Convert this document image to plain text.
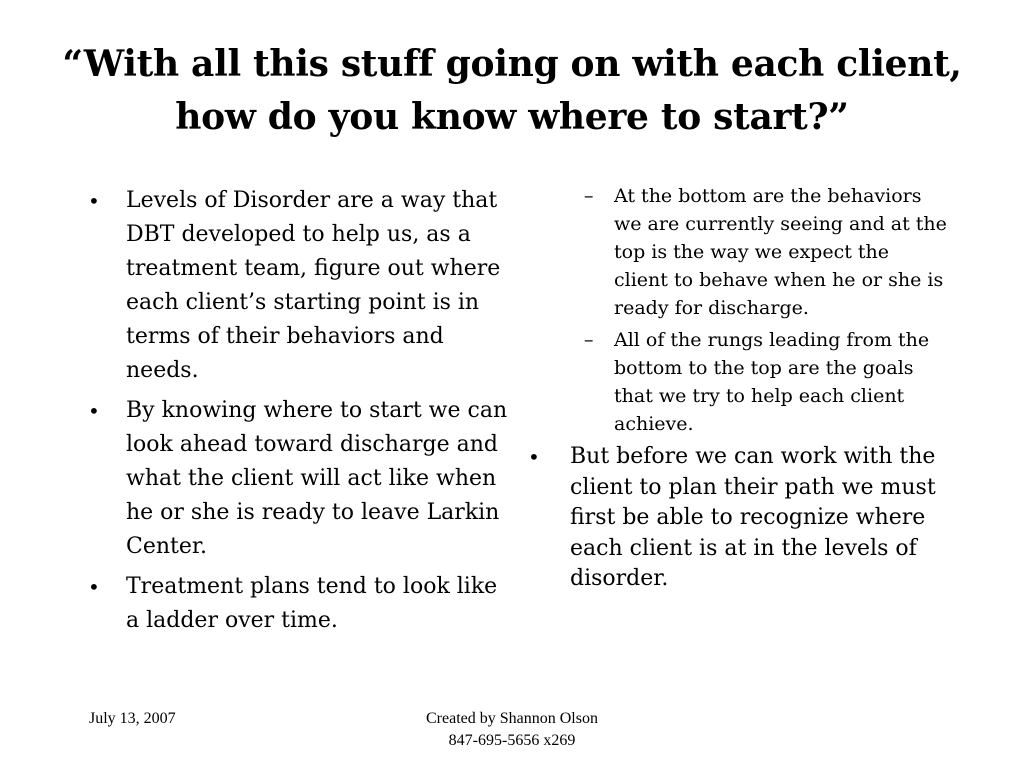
“With all this stuff going on with each client, how do you know where to start?”
• Levels of Disorder are a way that DBT developed to help us, as a treatment team, figure out where each client’s starting point is in terms of their behaviors and needs.
• By knowing where to start we can look ahead toward discharge and what the client will act like when he or she is ready to leave Larkin Center.
• Treatment plans tend to look like a ladder over time.
– At the bottom are the behaviors we are currently seeing and at the top is the way we expect the client to behave when he or she is ready for discharge.
– All of the rungs leading from the bottom to the top are the goals that we try to help each client achieve.
• But before we can work with the client to plan their path we must first be able to recognize where each client is at in the levels of disorder.
July 13, 2007	Created by Shannon Olson
847-695-5656 x269
